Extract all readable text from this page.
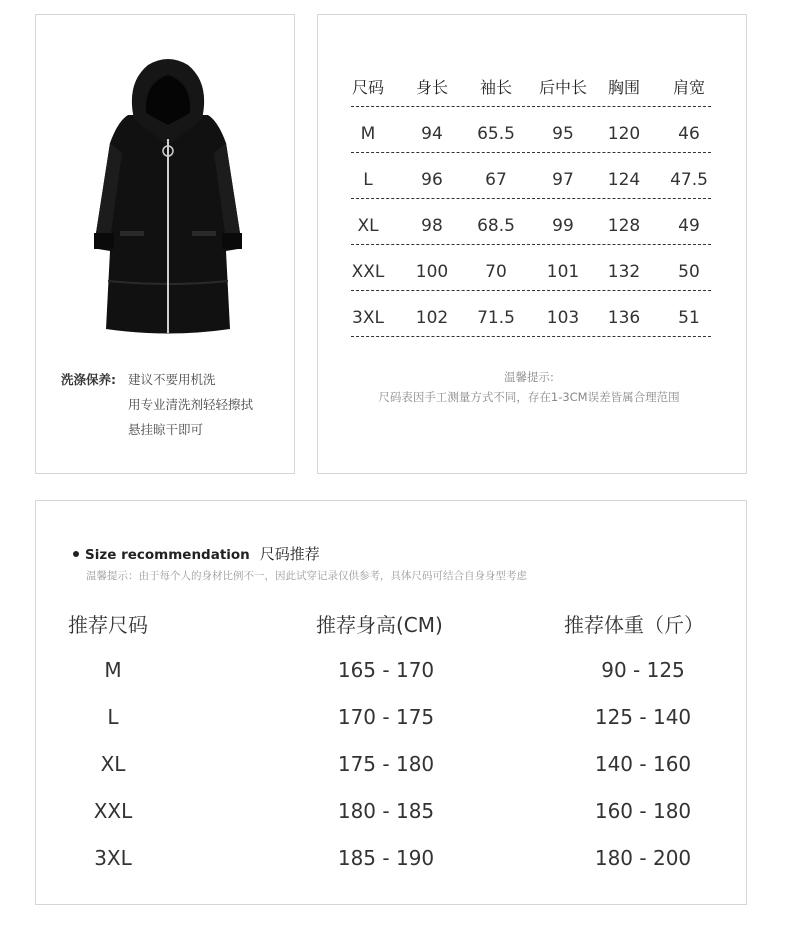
洗涤保养: 建议不要用机洗
用专业清洗剂轻轻擦拭
悬挂晾干即可
尺码	身长	袖长	后中长	胸围	肩宽
M	94	65.5	95	120	46
L	96	67	97	124	47.5
XL	98	68.5	99	128	49
XXL	100	70	101	132	50
3XL	102	71.5	103	136	51
温馨提示:
尺码表因手工测量方式不同，存在1-3CM误差皆属合理范围
Size recommendation 尺码推荐
温馨提示：由于每个人的身材比例不一，因此试穿记录仅供参考，具体尺码可结合自身身型考虑
推荐尺码	推荐身高(CM)	推荐体重（斤）
M	165 - 170	90 - 125
L	170 - 175	125 - 140
XL	175 - 180	140 - 160
XXL	180 - 185	160 - 180
3XL	185 - 190	180 - 200
